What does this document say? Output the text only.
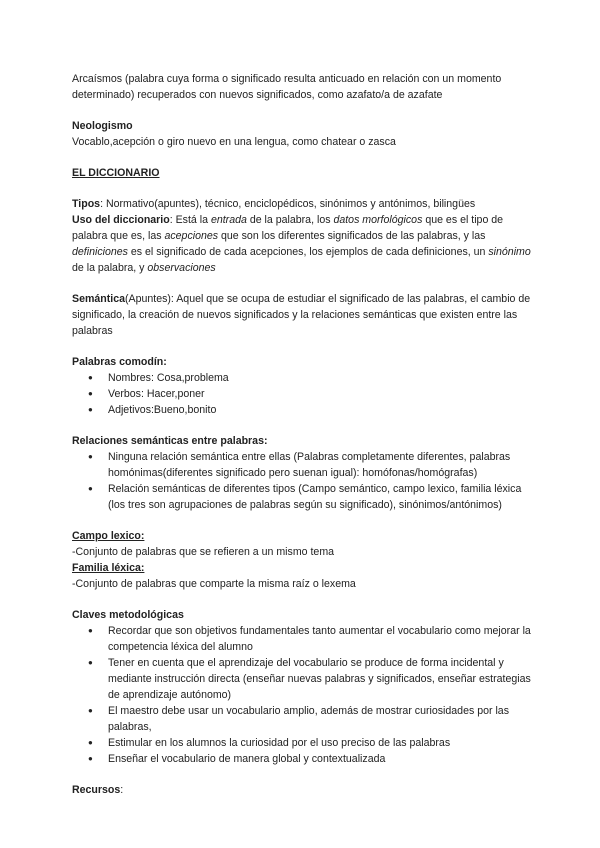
Arcaísmos (palabra cuya forma o significado resulta anticuado en relación con un momento determinado) recuperados con nuevos significados, como azafato/a de azafate

Neologismo

Vocablo,acepción o giro nuevo en una lengua, como chatear o zasca

EL DICCIONARIO

Tipos: Normativo(apuntes), técnico, enciclopédicos, sinónimos y antónimos, bilingües

Uso del diccionario: Está la entrada de la palabra, los datos morfológicos que es el tipo de palabra que es, las acepciones que son los diferentes significados de las palabras, y las definiciones es el significado de cada acepciones, los ejemplos de cada definiciones, un sinónimo de la palabra, y observaciones

Semántica(Apuntes): Aquel que se ocupa de estudiar el significado de las palabras, el cambio de significado, la creación de nuevos significados y la relaciones semánticas que existen entre las palabras

Palabras comodín:

● Nombres: Cosa,problema
● Verbos: Hacer,poner
● Adjetivos:Bueno,bonito

Relaciones semánticas entre palabras:

● Ninguna relación semántica entre ellas (Palabras completamente diferentes, palabras homónimas(diferentes significado pero suenan igual): homófonas/homógrafas)
● Relación semánticas de diferentes tipos (Campo semántico, campo lexico, familia léxica (los tres son agrupaciones de palabras según su significado), sinónimos/antónimos)

Campo lexico:

-Conjunto de palabras que se refieren a un mismo tema

Familia léxica:

-Conjunto de palabras que comparte la misma raíz o lexema

Claves metodológicas

● Recordar que son objetivos fundamentales tanto aumentar el vocabulario como mejorar la competencia léxica del alumno
● Tener en cuenta que el aprendizaje del vocabulario se produce de forma incidental y mediante instrucción directa (enseñar nuevas palabras y significados, enseñar estrategias de aprendizaje autónomo)
● El maestro debe usar un vocabulario amplio, además de mostrar curiosidades por las palabras,
● Estimular en los alumnos la curiosidad por el uso preciso de las palabras
● Enseñar el vocabulario de manera global y contextualizada

Recursos:
